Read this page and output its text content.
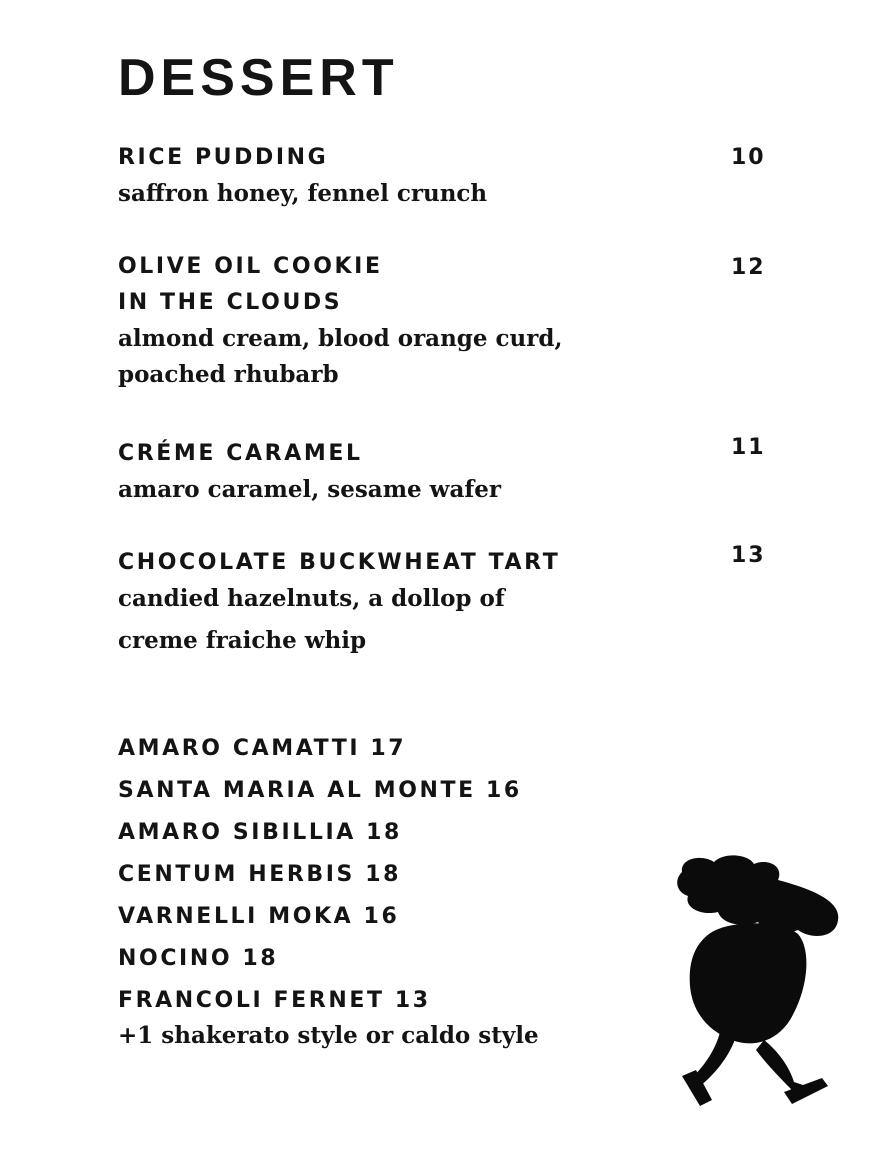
DESSERT
RICE PUDDING
saffron honey, fennel crunch
10
OLIVE OIL COOKIE
IN THE CLOUDS
almond cream, blood orange curd,
poached rhubarb
12
CRÉME CARAMEL
amaro caramel, sesame wafer
11
CHOCOLATE BUCKWHEAT TART
candied hazelnuts, a dollop of
creme fraiche whip
13
AMARO CAMATTI 17
SANTA MARIA AL MONTE 16
AMARO SIBILLIA 18
CENTUM HERBIS 18
VARNELLI MOKA 16
NOCINO 18
FRANCOLI FERNET 13
+1 shakerato style or caldo style
